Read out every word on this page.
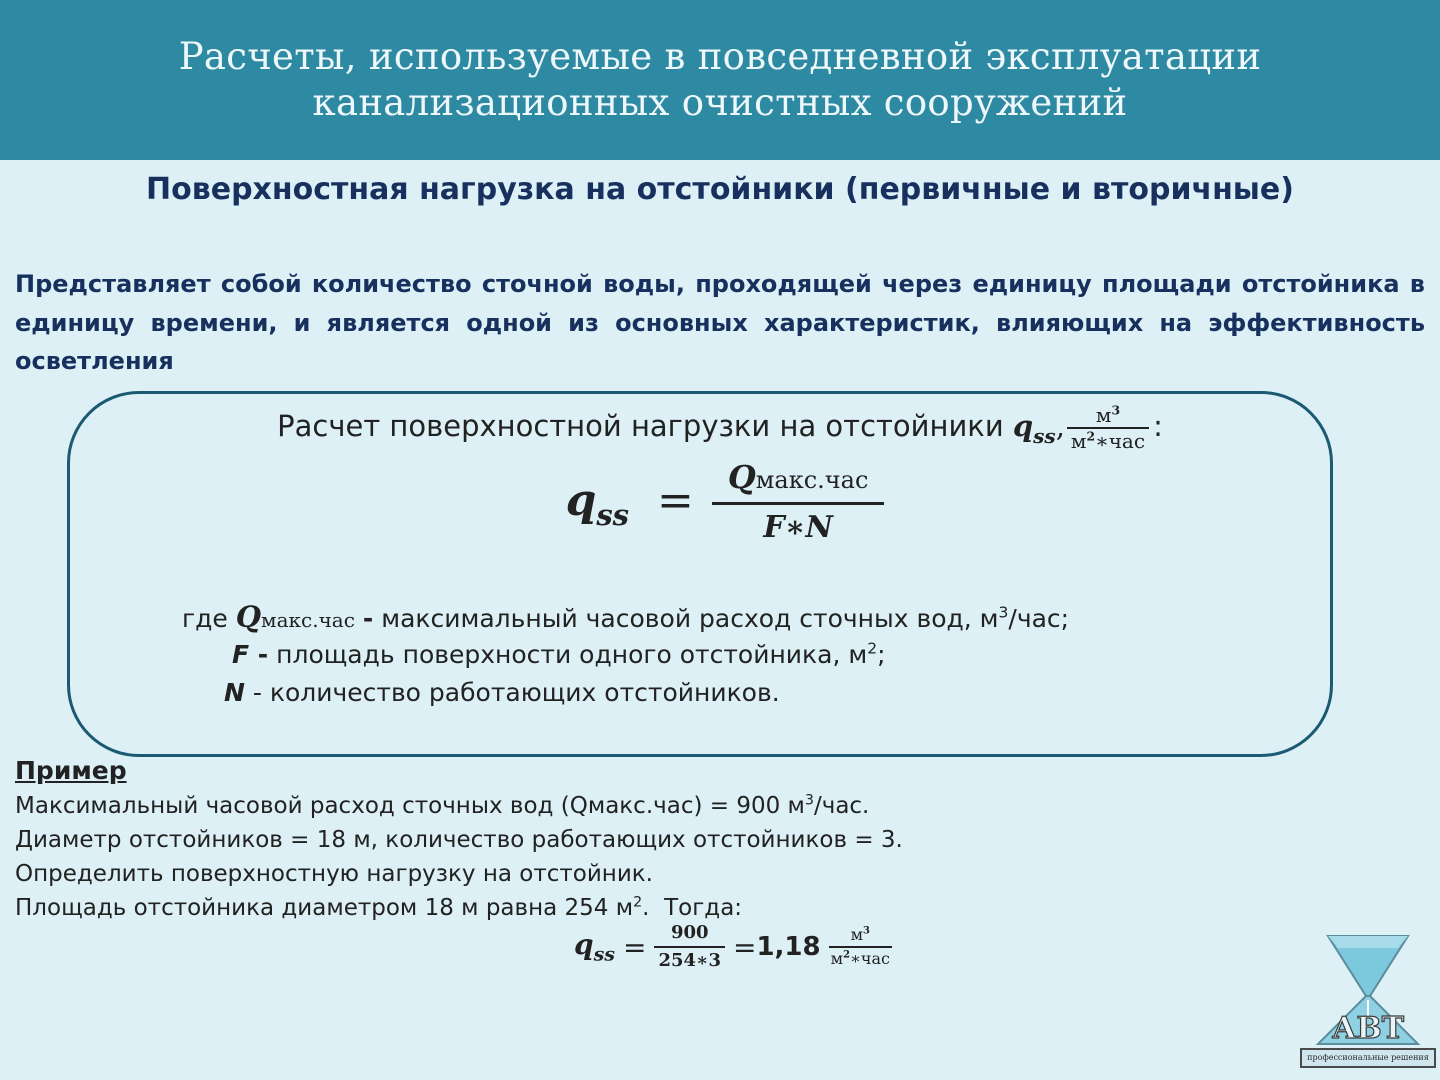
Расчеты, используемые в повседневной эксплуатации
канализационных очистных сооружений
Поверхностная нагрузка на отстойники (первичные и вторичные)
Представляет собой количество сточной воды, проходящей через единицу площади отстойника в единицу времени, и является одной из основных характеристик, влияющих на эффективность осветления
Расчет поверхностной нагрузки на отстойники $q_{ss}$, $\frac{м^3}{м^2∗час}$ :
$q_{ss} = \frac{\text{Qмакс.час}}{F∗N}$
где Qмакс.час - максимальный часовой расход сточных вод, $м^3$/час;
F - площадь поверхности одного отстойника, $м^2$;
N - количество работающих отстойников.
Пример
Максимальный часовой расход сточных вод (Qмакс.час) = 900 $м^3$/час.
Диаметр отстойников = 18 м, количество работающих отстойников = 3.
Определить поверхностную нагрузку на отстойник.
Площадь отстойника диаметром 18 м равна 254 $м^2$.  Тогда:
$q_{ss} = \frac{900}{254∗3} = 1,18 \frac{м^3}{м^2∗час}$
АВТ
профессиональные решения
